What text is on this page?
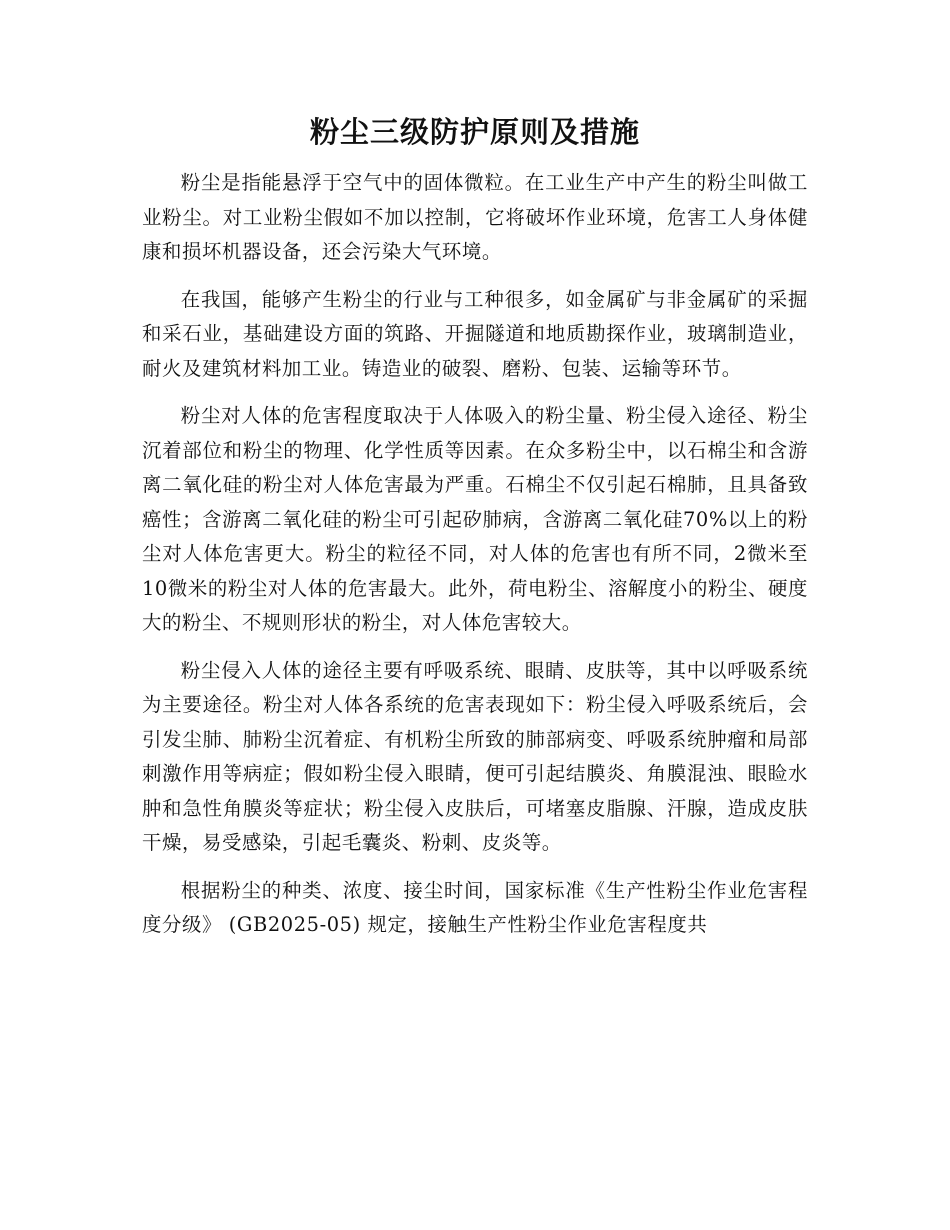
粉尘三级防护原则及措施

粉尘是指能悬浮于空气中的固体微粒。在工业生产中产生的粉尘叫做工业粉尘。对工业粉尘假如不加以控制，它将破坏作业环境，危害工人身体健康和损坏机器设备，还会污染大气环境。

在我国，能够产生粉尘的行业与工种很多，如金属矿与非金属矿的采掘和采石业，基础建设方面的筑路、开掘隧道和地质勘探作业，玻璃制造业，耐火及建筑材料加工业。铸造业的破裂、磨粉、包装、运输等环节。

粉尘对人体的危害程度取决于人体吸入的粉尘量、粉尘侵入途径、粉尘沉着部位和粉尘的物理、化学性质等因素。在众多粉尘中，以石棉尘和含游离二氧化硅的粉尘对人体危害最为严重。石棉尘不仅引起石棉肺，且具备致癌性；含游离二氧化硅的粉尘可引起矽肺病，含游离二氧化硅70%以上的粉尘对人体危害更大。粉尘的粒径不同，对人体的危害也有所不同，2微米至10微米的粉尘对人体的危害最大。此外，荷电粉尘、溶解度小的粉尘、硬度大的粉尘、不规则形状的粉尘，对人体危害较大。

粉尘侵入人体的途径主要有呼吸系统、眼睛、皮肤等，其中以呼吸系统为主要途径。粉尘对人体各系统的危害表现如下：粉尘侵入呼吸系统后，会引发尘肺、肺粉尘沉着症、有机粉尘所致的肺部病变、呼吸系统肿瘤和局部刺激作用等病症；假如粉尘侵入眼睛，便可引起结膜炎、角膜混浊、眼睑水肿和急性角膜炎等症状；粉尘侵入皮肤后，可堵塞皮脂腺、汗腺，造成皮肤干燥，易受感染，引起毛囊炎、粉刺、皮炎等。

根据粉尘的种类、浓度、接尘时间，国家标准《生产性粉尘作业危害程度分级》 (GB2025-05) 规定，接触生产性粉尘作业危害程度共
